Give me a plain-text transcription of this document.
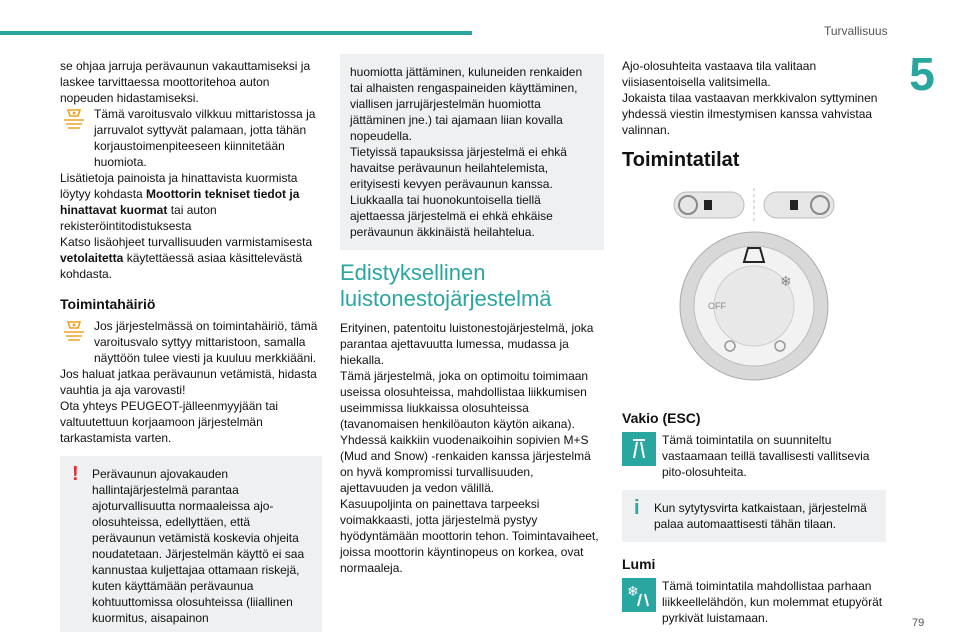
Turvallisuus
5
79

se ohjaa jarruja perävaunun vakauttamiseksi ja laskee tarvittaessa moottoritehoa auton nopeuden hidastamiseksi.

Tämä varoitusvalo vilkkuu mittaristossa ja jarruvalot syttyvät palamaan, jotta tähän korjaustoimenpiteeseen kiinnitetään huomiota.

Lisätietoja painoista ja hinattavista kuormista löytyy kohdasta Moottorin tekniset tiedot ja hinattavat kuormat tai auton rekisteröintitodistuksesta

Katso lisäohjeet turvallisuuden varmistamisesta vetolaitetta käytettäessä asiaa käsittelevästä kohdasta.

Toimintahäiriö

Jos järjestelmässä on toimintahäiriö, tämä varoitusvalo syttyy mittaristoon, samalla näyttöön tulee viesti ja kuuluu merkkiääni.

Jos haluat jatkaa perävaunun vetämistä, hidasta vauhtia ja aja varovasti!

Ota yhteys PEUGEOT-jälleenmyyjään tai valtuutettuun korjaamoon järjestelmän tarkastamista varten.

!	Perävaunun ajovakauden hallintajärjestelmä parantaa ajoturvallisuutta normaaleissa ajo-olosuhteissa, edellyttäen, että perävaunun vetämistä koskevia ohjeita noudatetaan. Järjestelmän käyttö ei saa kannustaa kuljettajaa ottamaan riskejä, kuten käyttämään perävaunua kohtuuttomissa olosuhteissa (liiallinen kuormitus, aisapainon

huomiotta jättäminen, kuluneiden renkaiden tai alhaisten rengaspaineiden käyttäminen, viallisen jarrujärjestelmän huomiotta jättäminen jne.) tai ajamaan liian kovalla nopeudella.

Tietyissä tapauksissa järjestelmä ei ehkä havaitse perävaunun heilahtelemista, erityisesti kevyen perävaunun kanssa.

Liukkaalla tai huonokuntoisella tiellä ajettaessa järjestelmä ei ehkä ehkäise perävaunun äkkinäistä heilahtelua.

Edistyksellinen luistonestojärjestelmä

Erityinen, patentoitu luistonestojärjestelmä, joka parantaa ajettavuutta lumessa, mudassa ja hiekalla.

Tämä järjestelmä, joka on optimoitu toimimaan useissa olosuhteissa, mahdollistaa liikkumisen useimmissa liukkaissa olosuhteissa (tavanomaisen henkilöauton käytön aikana).

Yhdessä kaikkiin vuodenaikoihin sopivien M+S (Mud and Snow) -renkaiden kanssa järjestelmä on hyvä kompromissi turvallisuuden, ajettavuuden ja vedon välillä.

Kasuupoljinta on painettava tarpeeksi voimakkaasti, jotta järjestelmä pystyy hyödyntämään moottorin tehon. Toimintavaiheet, joissa moottorin käyntinopeus on korkea, ovat normaaleja.

Ajo-olosuhteita vastaava tila valitaan viisiasentoisella valitsimella.

Jokaista tilaa vastaavan merkkivalon syttyminen yhdessä viestin ilmestymisen kanssa vahvistaa valinnan.

Toimintatilat
OFF
❄
Vakio (ESC)

Tämä toimintatila on suunniteltu vastaamaan teillä tavallisesti vallitsevia pito-olosuhteita.

i	Kun sytytysvirta katkaistaan, järjestelmä palaa automaattisesti tähän tilaan.

Lumi
❄ Tämä toimintatila mahdollistaa parhaan liikkeellelähdön, kun molemmat etupyörät pyrkivät luistamaan.
